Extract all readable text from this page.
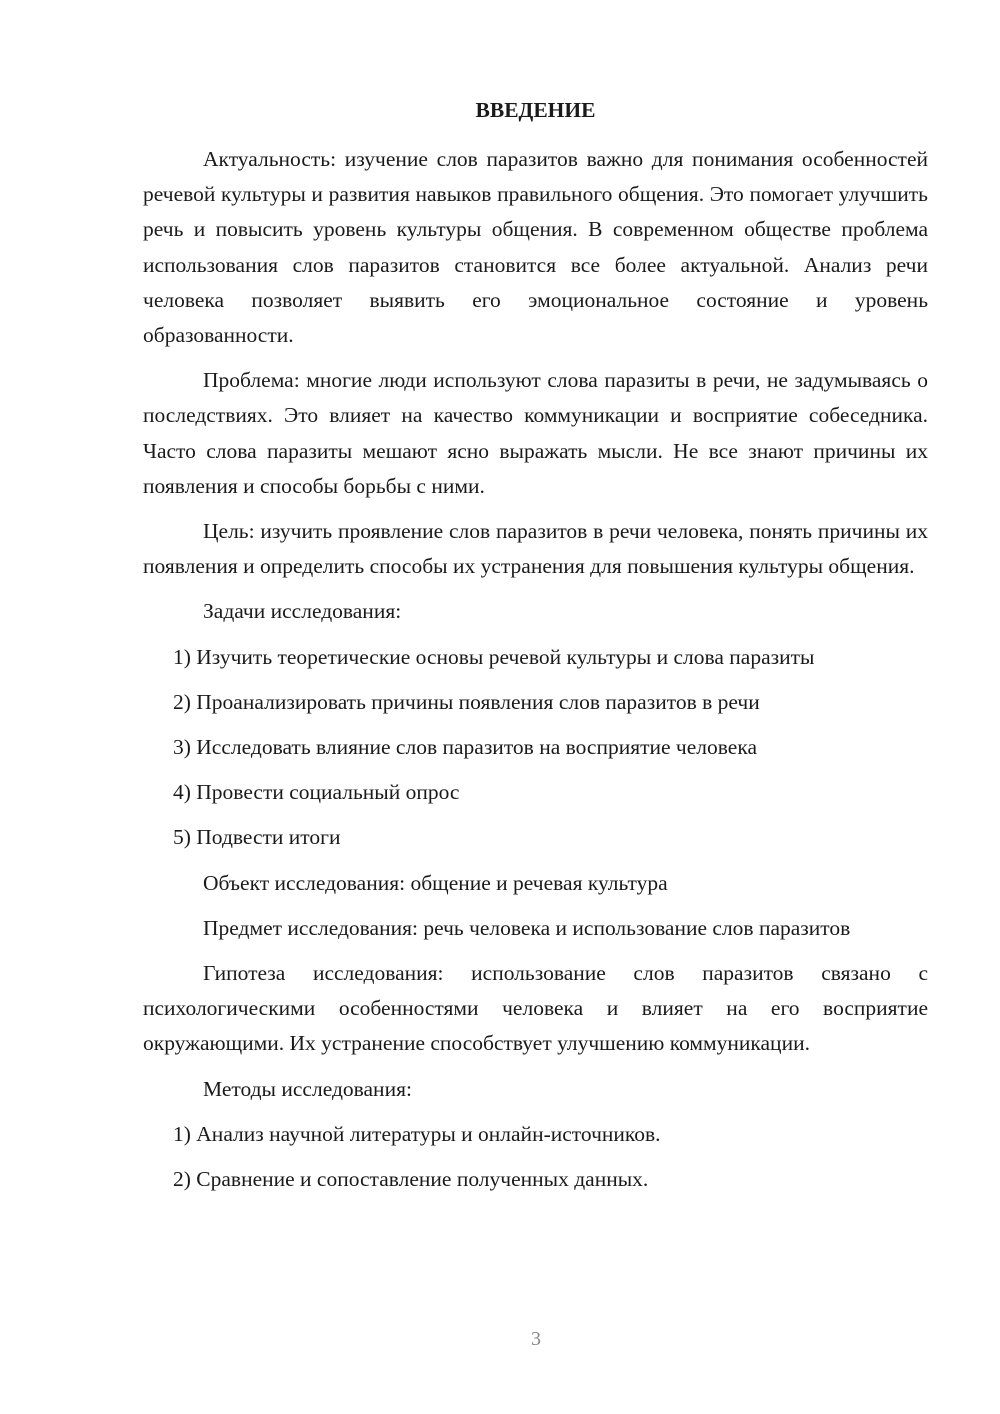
ВВЕДЕНИЕ

Актуальность: изучение слов паразитов важно для понимания особенностей речевой культуры и развития навыков правильного общения. Это помогает улучшить речь и повысить уровень культуры общения. В современном обществе проблема использования слов паразитов становится все более актуальной. Анализ речи человека позволяет выявить его эмоциональное состояние и уровень образованности.

Проблема: многие люди используют слова паразиты в речи, не задумываясь о последствиях. Это влияет на качество коммуникации и восприятие собеседника. Часто слова паразиты мешают ясно выражать мысли. Не все знают причины их появления и способы борьбы с ними.

Цель: изучить проявление слов паразитов в речи человека, понять причины их появления и определить способы их устранения для повышения культуры общения.

Задачи исследования:
1) Изучить теоретические основы речевой культуры и слова паразиты
2) Проанализировать причины появления слов паразитов в речи
3) Исследовать влияние слов паразитов на восприятие человека
4) Провести социальный опрос
5) Подвести итоги
Объект исследования: общение и речевая культура

Предмет исследования: речь человека и использование слов паразитов

Гипотеза исследования: использование слов паразитов связано с психологическими особенностями человека и влияет на его восприятие окружающими. Их устранение способствует улучшению коммуникации.

Методы исследования:
1) Анализ научной литературы и онлайн-источников.
2) Сравнение и сопоставление полученных данных.
3
